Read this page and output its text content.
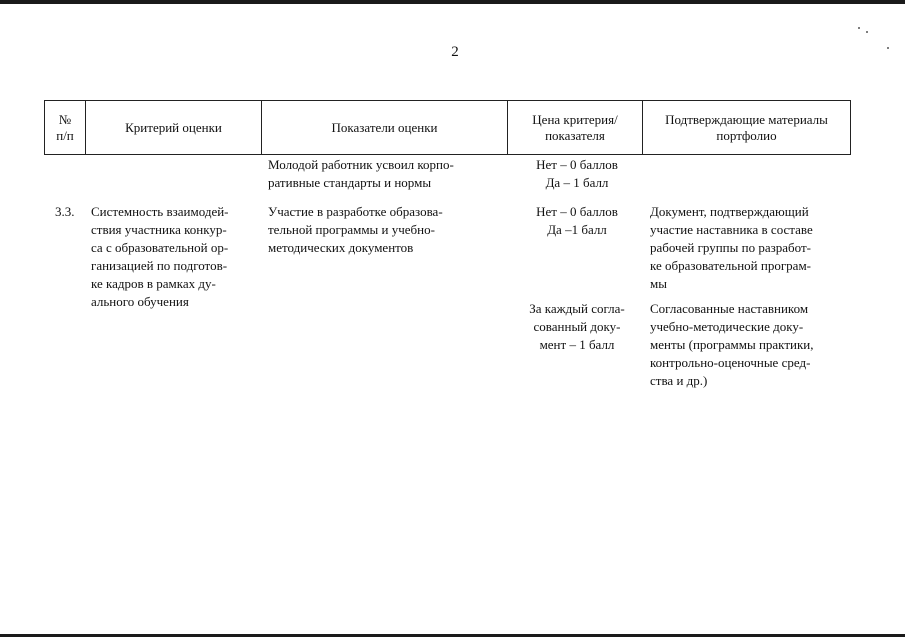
2
№
п/п
Критерий оценки	Показатели оценки
Цена критерия/
показателя
Подтверждающие материалы
портфолио
Молодой работник усвоил корпо-
ративные стандарты и нормы
Нет – 0 баллов
Да – 1 балл
3.3.	Системность взаимодей-
ствия участника конкур-
са с образовательной ор-
ганизацией по подготов-
ке кадров в рамках ду-
ального обучения
Участие в разработке образова-
тельной программы и учебно-
методических документов
Нет – 0 баллов
Да –1 балл
Документ, подтверждающий
участие наставника в составе
рабочей группы по разработ-
ке образовательной програм-
мы
За каждый согла-
сованный доку-
мент – 1 балл
Согласованные наставником
учебно-методические доку-
менты (программы практики,
контрольно-оценочные сред-
ства и др.)
